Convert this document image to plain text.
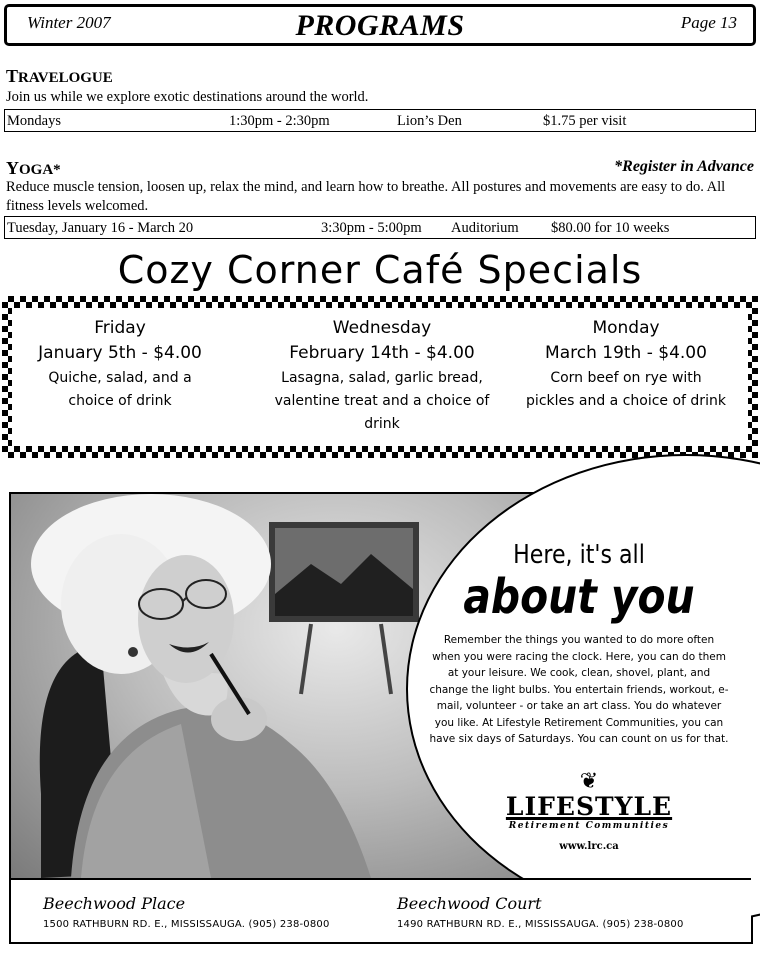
Winter 2007	PROGRAMS	Page 13
TRAVELOGUE
Join us while we explore exotic destinations around the world.
Mondays	1:30pm - 2:30pm	Lion’s Den	$1.75 per visit
YOGA*	*Register in Advance
Reduce muscle tension, loosen up, relax the mind, and learn how to breathe. All postures and movements are easy to do. All fitness levels welcomed.
Tuesday, January 16 - March 20	3:30pm - 5:00pm Auditorium $80.00 for 10 weeks
Cozy Corner Café Specials
Friday
January 5th - $4.00
Quiche, salad, and a choice of drink
Wednesday
February 14th - $4.00
Lasagna, salad, garlic bread, valentine treat and a choice of drink
Monday
March 19th - $4.00
Corn beef on rye with pickles and a choice of drink
Here, it's all
about you
Remember the things you wanted to do more often when you were racing the clock. Here, you can do them at your leisure. We cook, clean, shovel, plant, and change the light bulbs. You entertain friends, workout, e-mail, volunteer - or take an art class. You do whatever you like. At Lifestyle Retirement Communities, you can have six days of Saturdays. You can count on us for that.
❦
LIFESTYLE
Retirement Communities
www.lrc.ca
Beechwood Place
1500 RATHBURN RD. E., MISSISSAUGA. (905) 238-0800
Beechwood Court
1490 RATHBURN RD. E., MISSISSAUGA. (905) 238-0800
